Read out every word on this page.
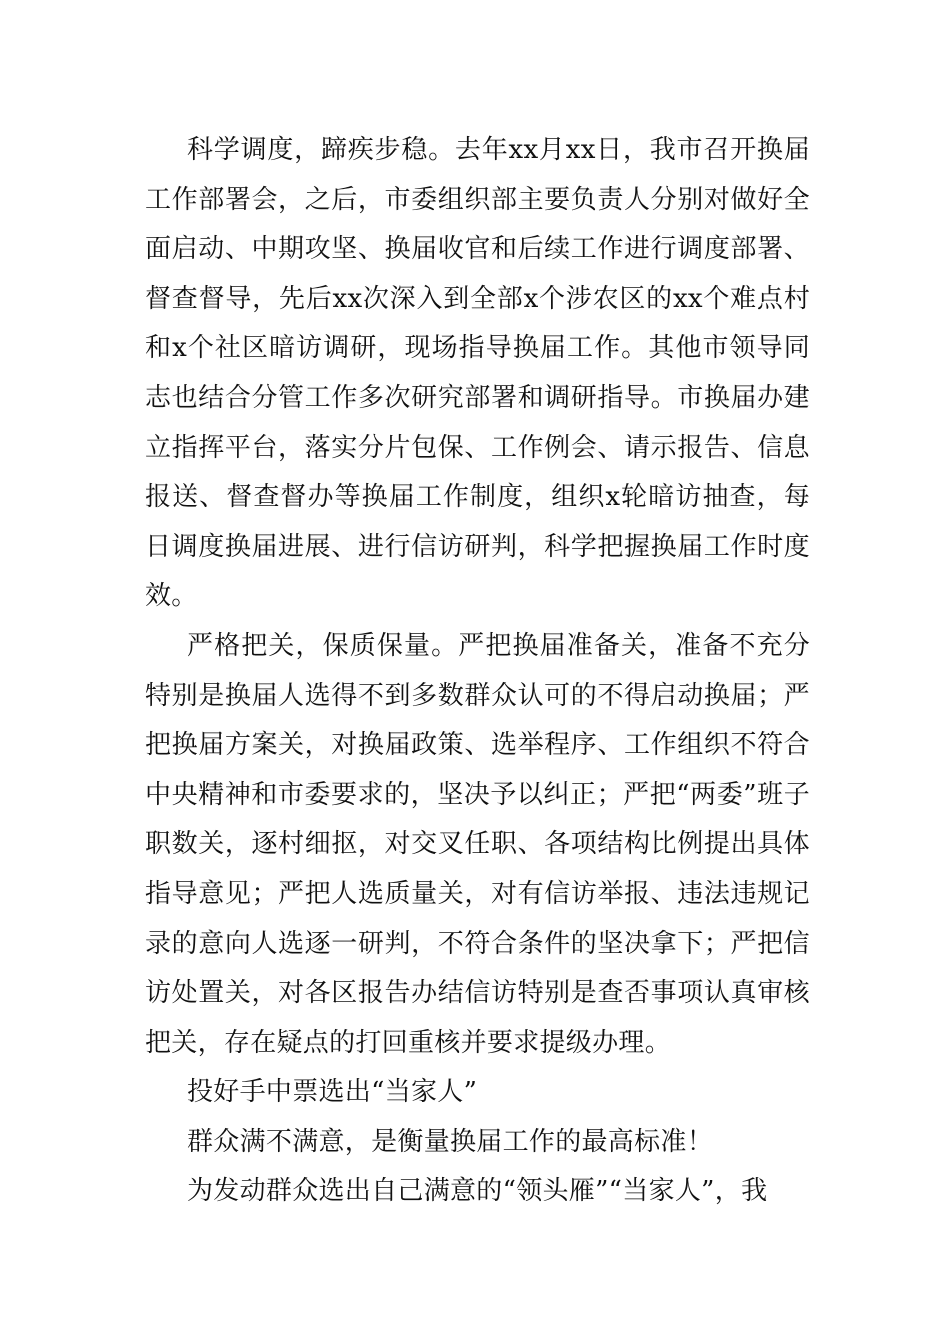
科学调度，蹄疾步稳。去年xx月xx日，我市召开换届工作部署会，之后，市委组织部主要负责人分别对做好全面启动、中期攻坚、换届收官和后续工作进行调度部署、督查督导，先后xx次深入到全部x个涉农区的xx个难点村和x个社区暗访调研，现场指导换届工作。其他市领导同志也结合分管工作多次研究部署和调研指导。市换届办建立指挥平台，落实分片包保、工作例会、请示报告、信息报送、督查督办等换届工作制度，组织x轮暗访抽查，每日调度换届进展、进行信访研判，科学把握换届工作时度效。

严格把关，保质保量。严把换届准备关，准备不充分特别是换届人选得不到多数群众认可的不得启动换届；严把换届方案关，对换届政策、选举程序、工作组织不符合中央精神和市委要求的，坚决予以纠正；严把“两委”班子职数关，逐村细抠，对交叉任职、各项结构比例提出具体指导意见；严把人选质量关，对有信访举报、违法违规记录的意向人选逐一研判，不符合条件的坚决拿下；严把信访处置关，对各区报告办结信访特别是查否事项认真审核把关，存在疑点的打回重核并要求提级办理。

投好手中票选出“当家人”

群众满不满意，是衡量换届工作的最高标准！

为发动群众选出自己满意的“领头雁”“当家人”，我
